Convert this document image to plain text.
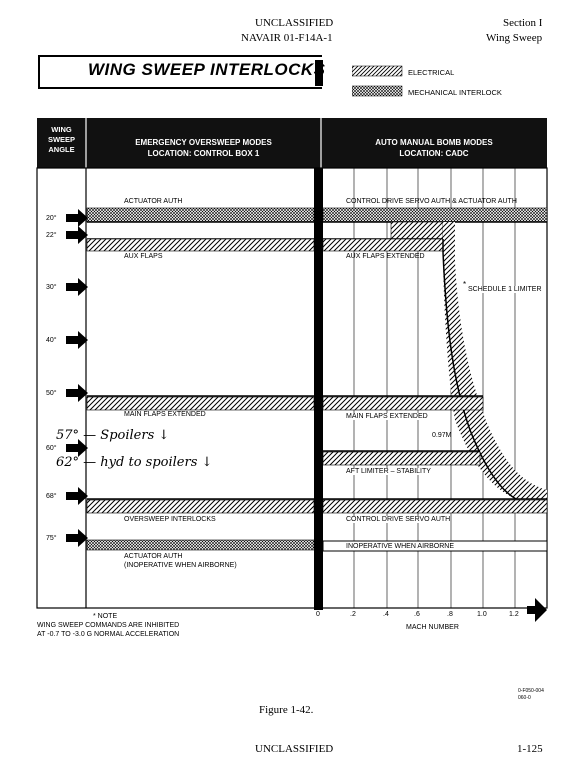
UNCLASSIFIED
NAVAIR 01-F14A-1
Section I
Wing Sweep
WING SWEEP INTERLOCKS	ELECTRICAL
MECHANICAL INTERLOCK
WING
SWEEP
ANGLE
EMERGENCY OVERSWEEP MODES
LOCATION: CONTROL BOX 1
AUTO MANUAL BOMB MODES
LOCATION: CADC
20°
22°
30°
40°
50°
60°
68°
75°
ACTUATOR AUTH
AUX FLAPS
MAIN FLAPS EXTENDED
OVERSWEEP INTERLOCKS
ACTUATOR AUTH
(INOPERATIVE WHEN AIRBORNE)
57° — Spoilers ↓
62° — hyd to spoilers ↓
CONTROL DRIVE SERVO AUTH & ACTUATOR AUTH
AUX FLAPS EXTENDED
*
SCHEDULE 1 LIMITER
MAIN FLAPS EXTENDED
0.97M
AFT LIMITER – STABILITY
CONTROL DRIVE SERVO AUTH
INOPERATIVE WHEN AIRBORNE
0	.2	.4	.6	.8	1.0	1.2
MACH NUMBER
* NOTE
WING SWEEP COMMANDS ARE INHIBITED
AT -0.7 TO -3.0 G NORMAL ACCELERATION
0-F050-004
060-0
Figure 1-42.
UNCLASSIFIED	1-125
